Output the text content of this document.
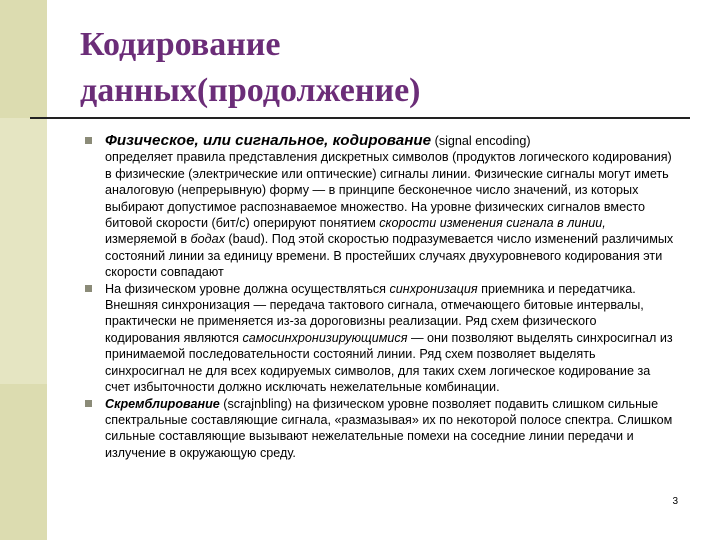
Кодирование
данных(продолжение)
Физическое, или сигнальное, кодирование (signal encoding)
определяет правила представления дискретных символов (продуктов логического кодирования) в физические (электрические или оптические) сигналы линии. Физические сигналы могут иметь аналоговую (непрерывную) форму — в принципе бесконечное число значений, из которых выбирают допустимое распознаваемое множество. На уровне физических сигналов вместо битовой скорости (бит/с) оперируют понятием скорости изменения сигнала в линии, измеряемой в бодах (baud). Под этой скоростью подразумевается число изменений различимых состояний линии за единицу времени. В простейших случаях двухуровневого кодирования эти скорости совпадают
На физическом уровне должна осуществляться синхронизация приемника и передатчика. Внешняя синхронизация — передача тактового сигнала, отмечающего битовые интервалы, практически не применяется из-за дороговизны реализации. Ряд схем физического кодирования являются самосинхронизирующимися — они позволяют выделять синхросигнал из принимаемой последовательности состояний линии. Ряд схем позволяет выделять синхросигнал не для всех кодируемых символов, для таких схем логическое кодирование за счет избыточности должно исключать нежелательные комбинации.
Скремблирование (scrajnbling) на физическом уровне позволяет подавить слишком сильные спектральные составляющие сигнала, «размазывая» их по некоторой полосе спектра. Слишком сильные составляющие вызывают нежелательные помехи на соседние линии передачи и излучение в окружающую среду.
3
